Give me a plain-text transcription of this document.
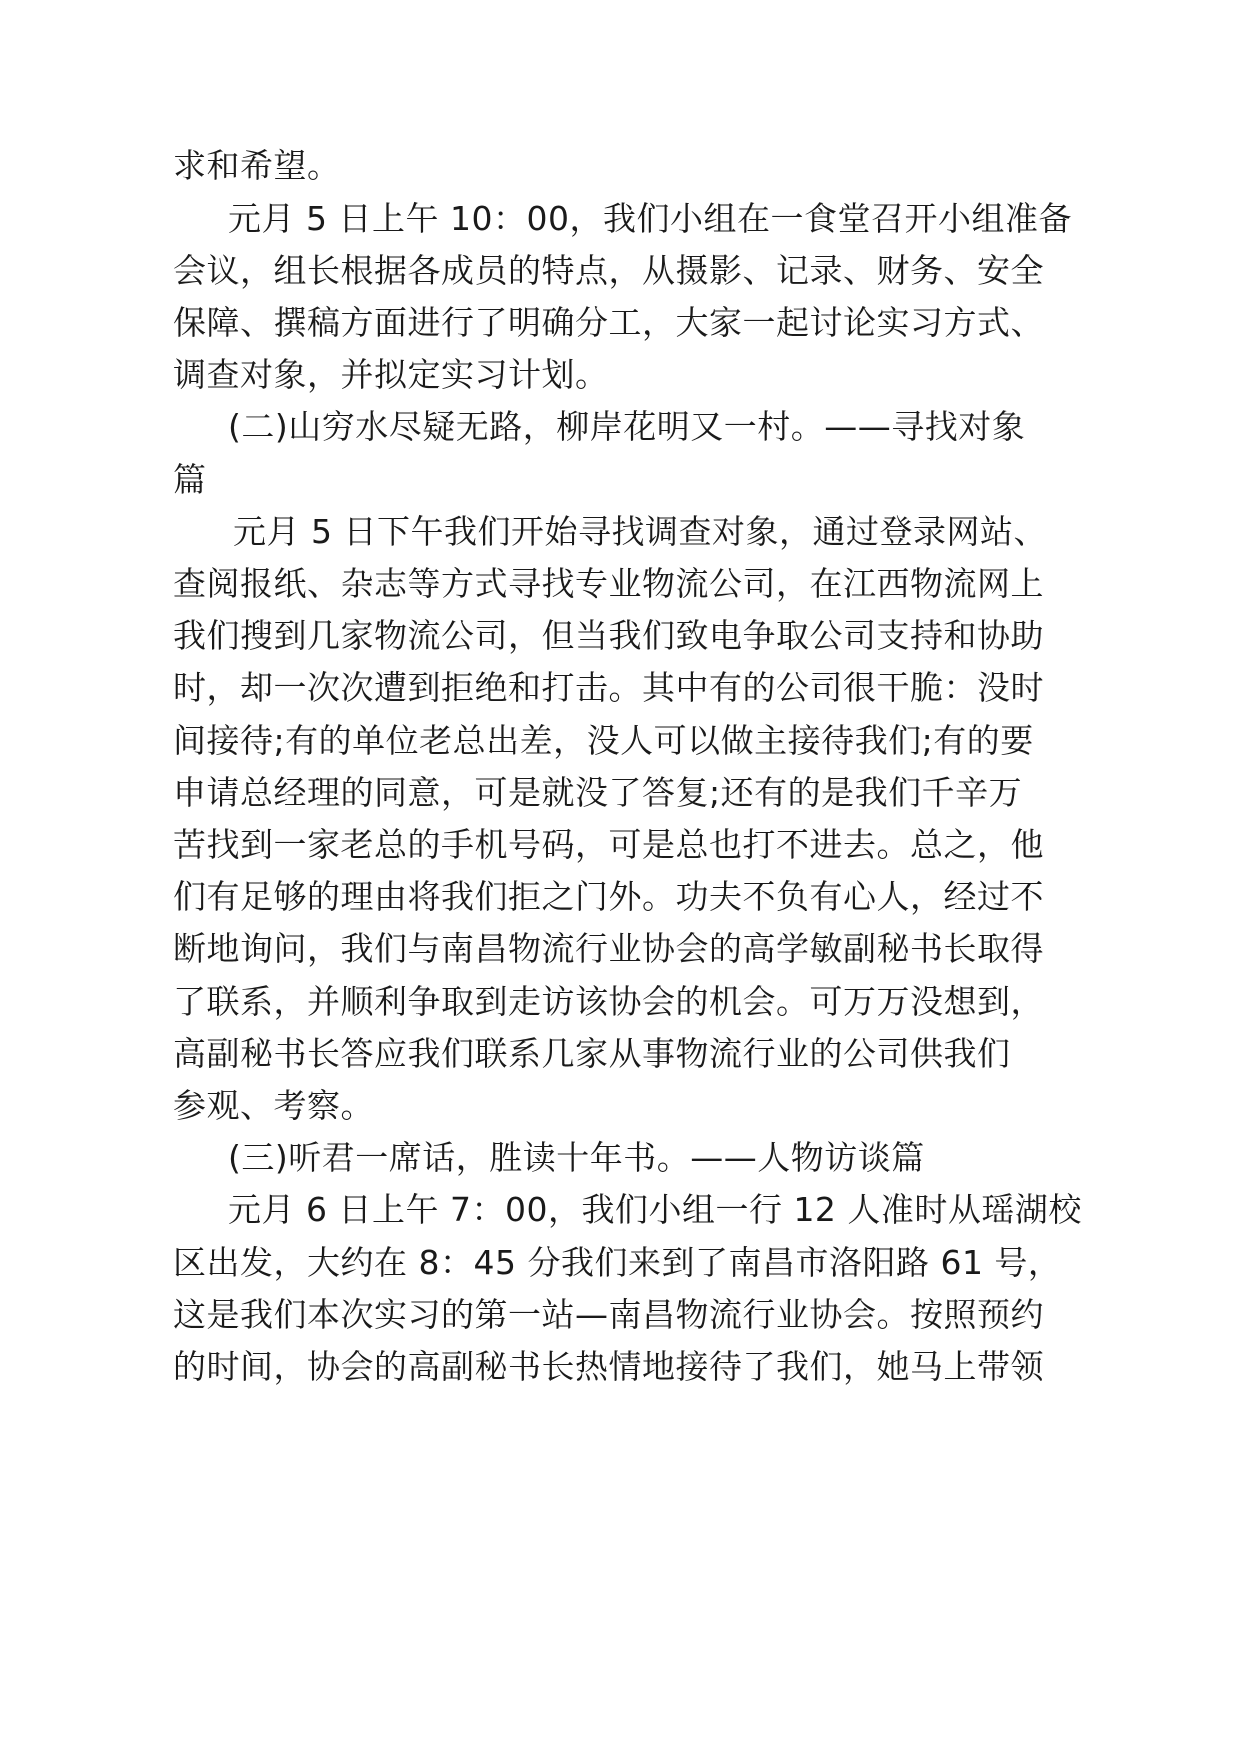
求和希望。
元月 5 日上午 10：00，我们小组在一食堂召开小组准备
会议，组长根据各成员的特点，从摄影、记录、财务、安全
保障、撰稿方面进行了明确分工，大家一起讨论实习方式、
调查对象，并拟定实习计划。
(二)山穷水尽疑无路，柳岸花明又一村。——寻找对象
篇
元月 5 日下午我们开始寻找调查对象，通过登录网站、
查阅报纸、杂志等方式寻找专业物流公司，在江西物流网上
我们搜到几家物流公司，但当我们致电争取公司支持和协助
时，却一次次遭到拒绝和打击。其中有的公司很干脆：没时
间接待;有的单位老总出差，没人可以做主接待我们;有的要
申请总经理的同意，可是就没了答复;还有的是我们千辛万
苦找到一家老总的手机号码，可是总也打不进去。总之，他
们有足够的理由将我们拒之门外。功夫不负有心人，经过不
断地询问，我们与南昌物流行业协会的高学敏副秘书长取得
了联系，并顺利争取到走访该协会的机会。可万万没想到，
高副秘书长答应我们联系几家从事物流行业的公司供我们
参观、考察。
(三)听君一席话，胜读十年书。——人物访谈篇
元月 6 日上午 7：00，我们小组一行 12 人准时从瑶湖校
区出发，大约在 8：45 分我们来到了南昌市洛阳路 61 号，
这是我们本次实习的第一站—南昌物流行业协会。按照预约
的时间，协会的高副秘书长热情地接待了我们，她马上带领
